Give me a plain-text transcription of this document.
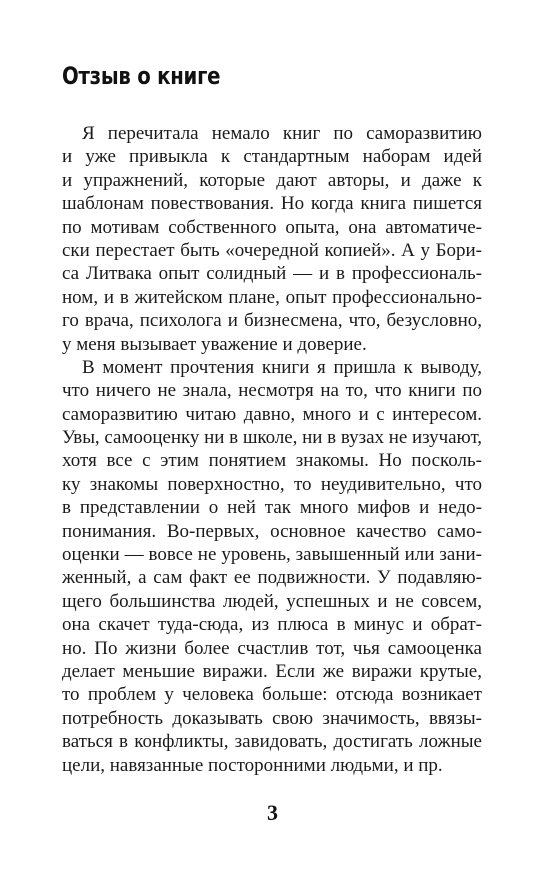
Отзыв о книге
Я перечитала немало книг по саморазвитию
и уже привыкла к стандартным наборам идей
и упражнений, которые дают авторы, и даже к
шаблонам повествования. Но когда книга пишется
по мотивам собственного опыта, она автоматиче-
ски перестает быть «очередной копией». А у Бори-
са Литвака опыт солидный — и в профессиональ-
ном, и в житейском плане, опыт профессионально-
го врача, психолога и бизнесмена, что, безусловно,
у меня вызывает уважение и доверие.
В момент прочтения книги я пришла к выводу,
что ничего не знала, несмотря на то, что книги по
саморазвитию читаю давно, много и с интересом.
Увы, самооценку ни в школе, ни в вузах не изучают,
хотя все с этим понятием знакомы. Но посколь-
ку знакомы поверхностно, то неудивительно, что
в представлении о ней так много мифов и недо-
понимания. Во-первых, основное качество само-
оценки — вовсе не уровень, завышенный или зани-
женный, а сам факт ее подвижности. У подавляю-
щего большинства людей, успешных и не совсем,
она скачет туда-сюда, из плюса в минус и обрат-
но. По жизни более счастлив тот, чья самооценка
делает меньшие виражи. Если же виражи крутые,
то проблем у человека больше: отсюда возникает
потребность доказывать свою значимость, ввязы-
ваться в конфликты, завидовать, достигать ложные
цели, навязанные посторонними людьми, и пр.
3
